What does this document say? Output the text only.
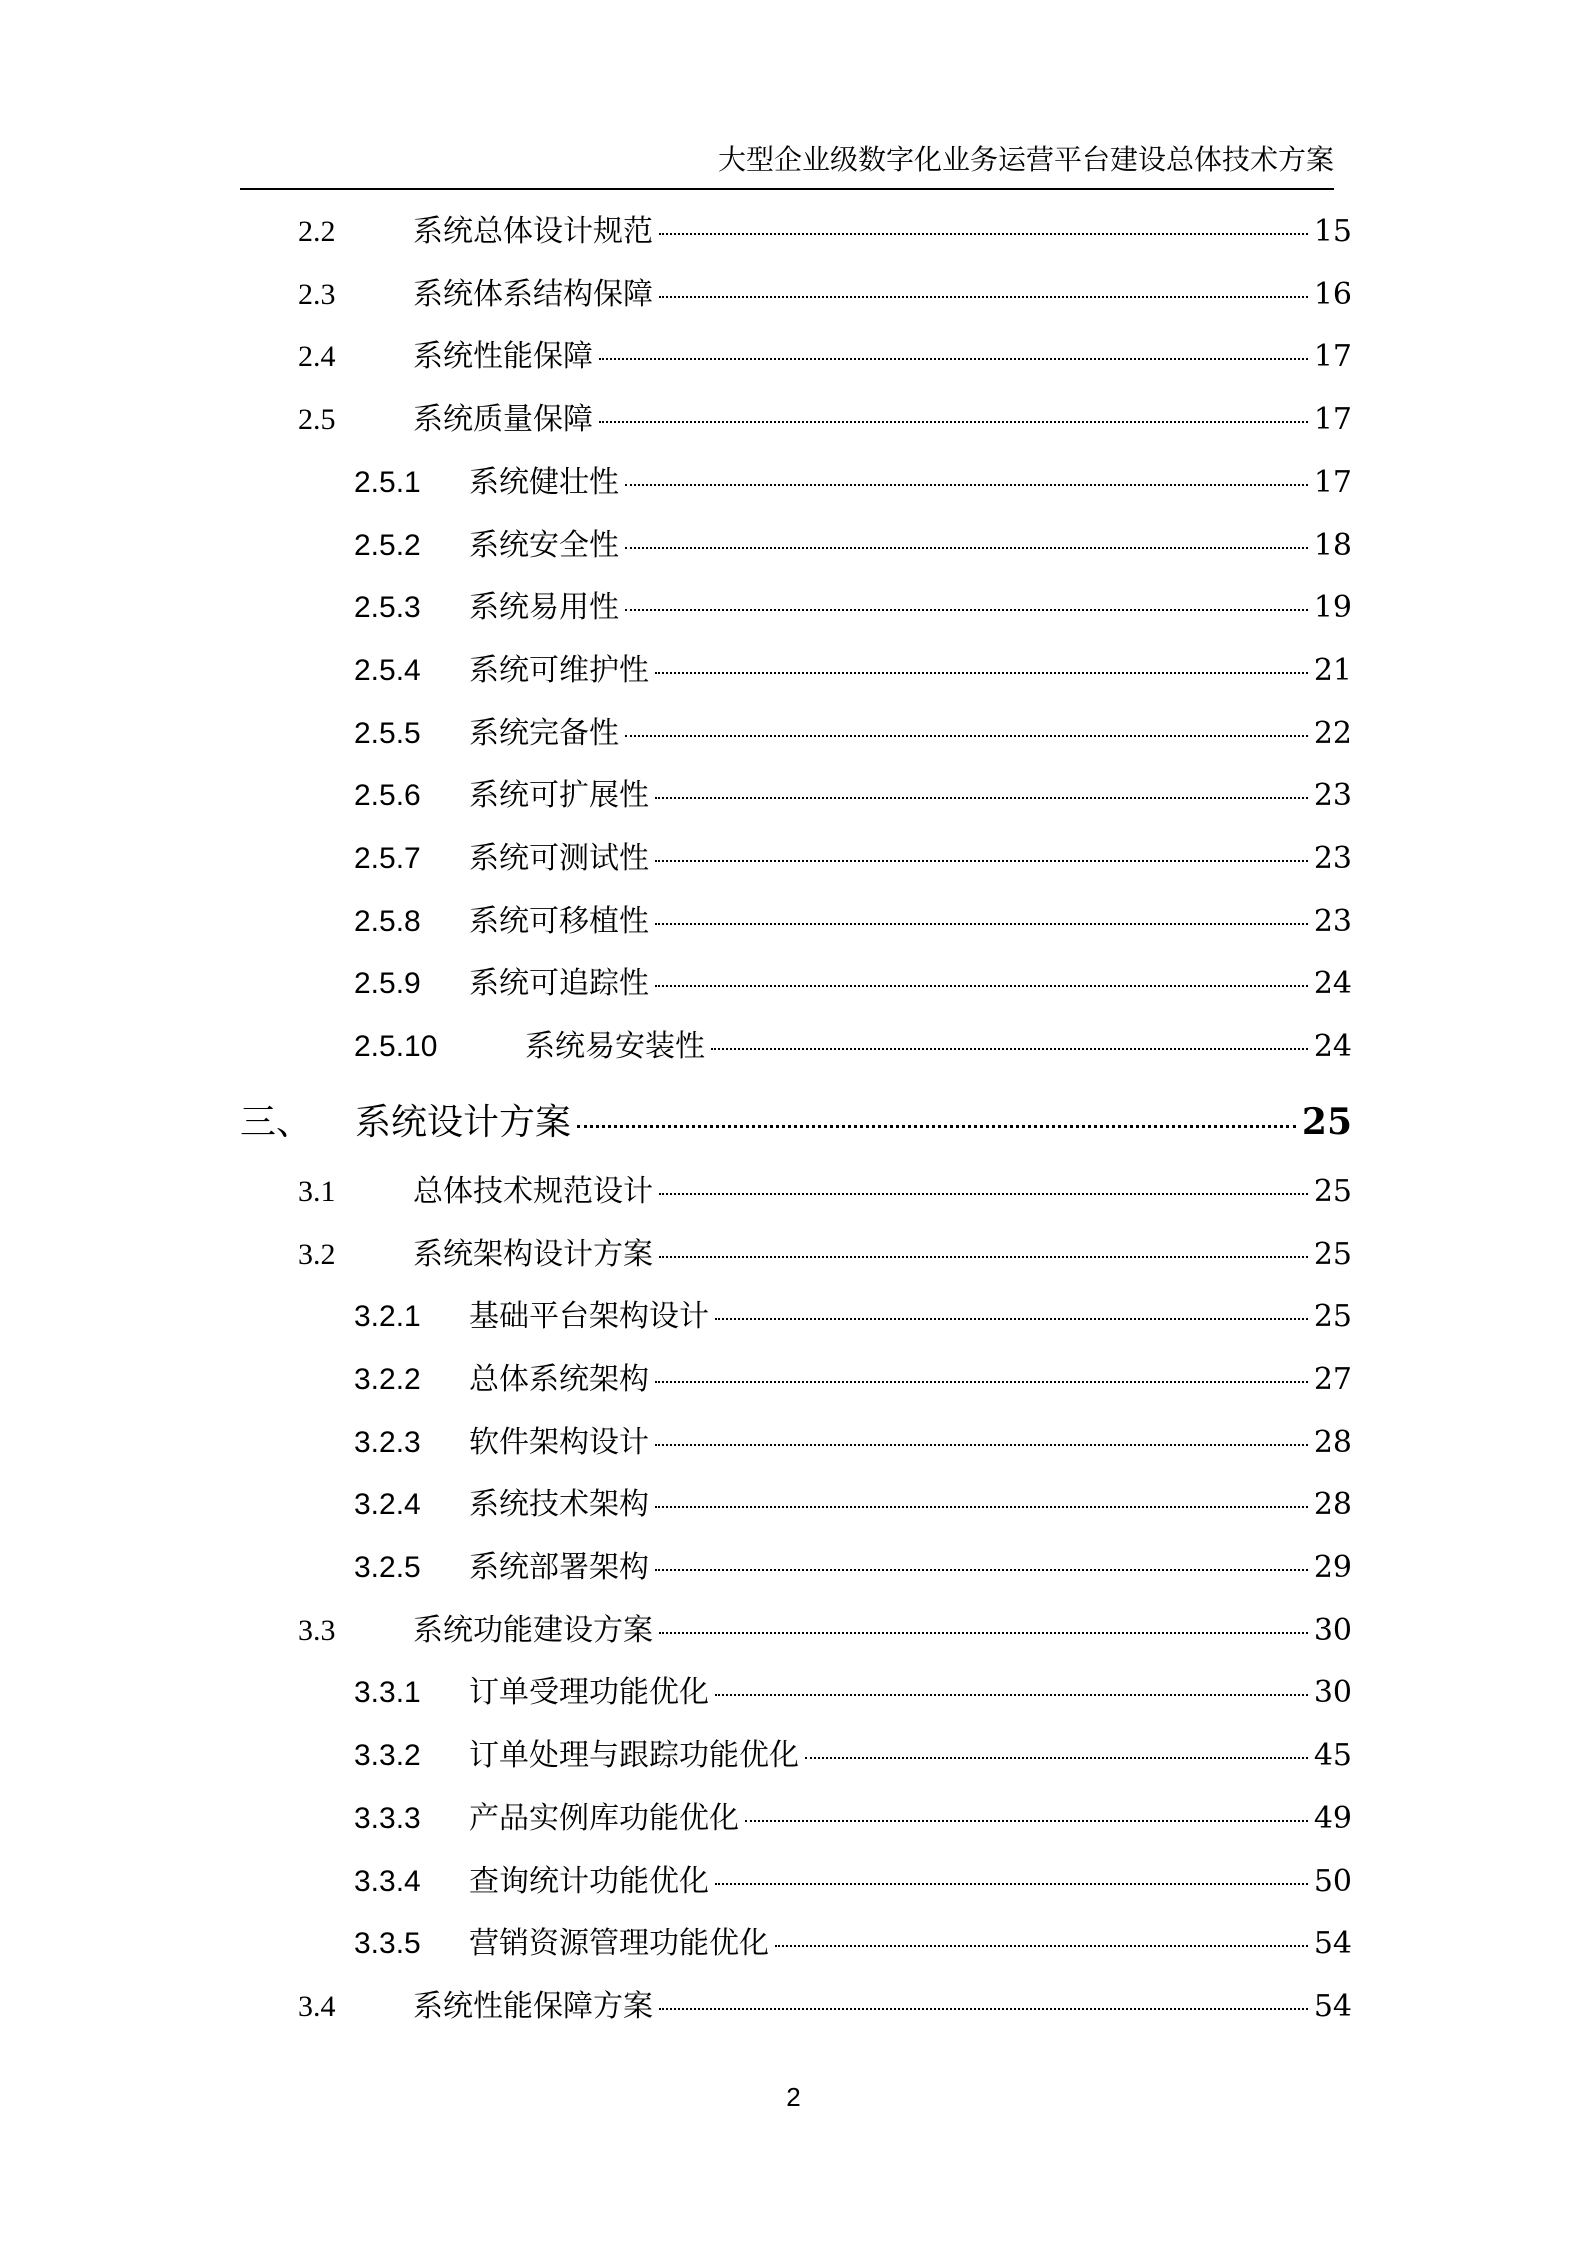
大型企业级数字化业务运营平台建设总体技术方案
2.2	系统总体设计规范	15
2.3	系统体系结构保障	16
2.4	系统性能保障	17
2.5	系统质量保障	17
2.5.1	系统健壮性	17
2.5.2	系统安全性	18
2.5.3	系统易用性	19
2.5.4	系统可维护性	21
2.5.5	系统完备性	22
2.5.6	系统可扩展性	23
2.5.7	系统可测试性	23
2.5.8	系统可移植性	23
2.5.9	系统可追踪性	24
2.5.10	系统易安装性	24
三、	系统设计方案	25
3.1	总体技术规范设计	25
3.2	系统架构设计方案	25
3.2.1	基础平台架构设计	25
3.2.2	总体系统架构	27
3.2.3	软件架构设计	28
3.2.4	系统技术架构	28
3.2.5	系统部署架构	29
3.3	系统功能建设方案	30
3.3.1	订单受理功能优化	30
3.3.2	订单处理与跟踪功能优化	45
3.3.3	产品实例库功能优化	49
3.3.4	查询统计功能优化	50
3.3.5	营销资源管理功能优化	54
3.4	系统性能保障方案	54
2
